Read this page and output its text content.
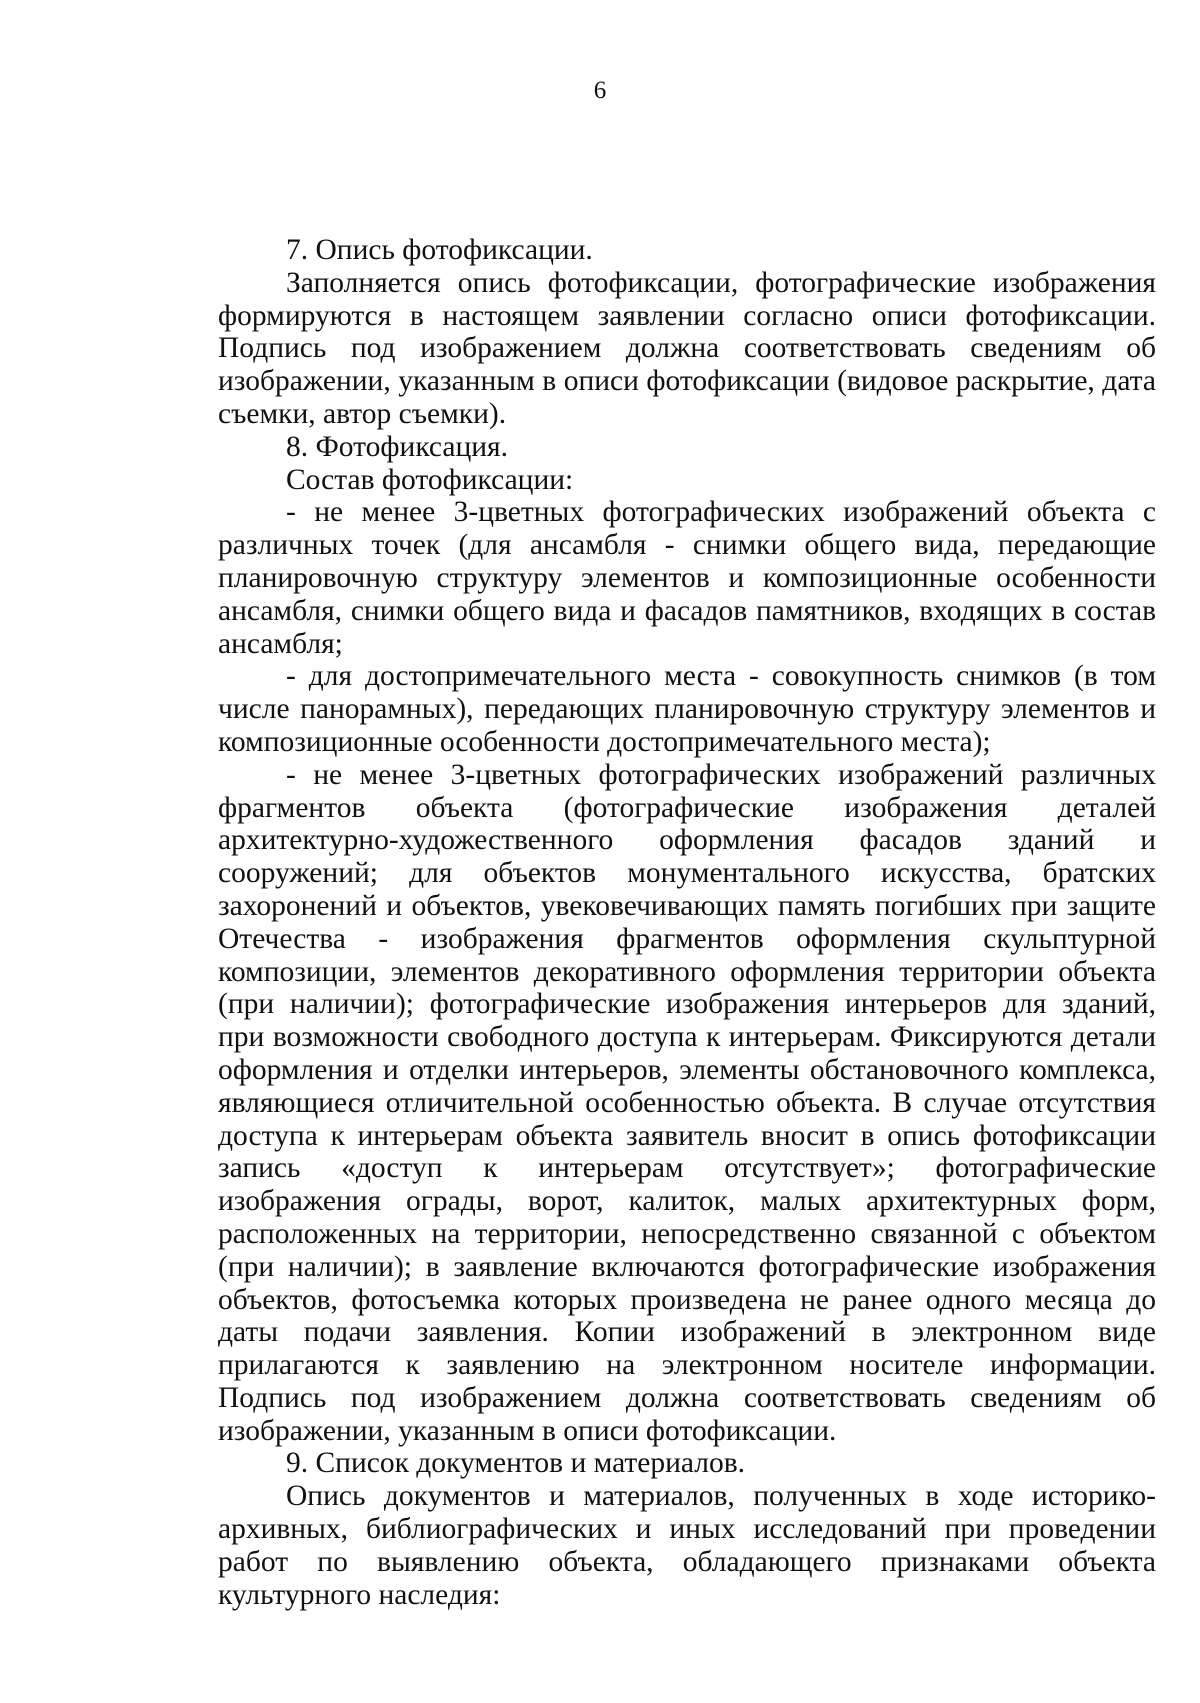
6

7. Опись фотофиксации.

Заполняется опись фотофиксации, фотографические изображения формируются в настоящем заявлении согласно описи фотофиксации. Подпись под изображением должна соответствовать сведениям об изображении, указанным в описи фотофиксации (видовое раскрытие, дата съемки, автор съемки).

8. Фотофиксация.

Состав фотофиксации:

- не менее 3-цветных фотографических изображений объекта с различных точек (для ансамбля - снимки общего вида, передающие планировочную структуру элементов и композиционные особенности ансамбля, снимки общего вида и фасадов памятников, входящих в состав ансамбля;

- для достопримечательного места - совокупность снимков (в том числе панорамных), передающих планировочную структуру элементов и композиционные особенности достопримечательного места);

- не менее 3-цветных фотографических изображений различных фрагментов объекта (фотографические изображения деталей архитектурно-художественного оформления фасадов зданий и сооружений; для объектов монументального искусства, братских захоронений и объектов, увековечивающих память погибших при защите Отечества - изображения фрагментов оформления скульптурной композиции, элементов декоративного оформления территории объекта (при наличии); фотографические изображения интерьеров для зданий, при возможности свободного доступа к интерьерам. Фиксируются детали оформления и отделки интерьеров, элементы обстановочного комплекса, являющиеся отличительной особенностью объекта. В случае отсутствия доступа к интерьерам объекта заявитель вносит в опись фотофиксации запись «доступ к интерьерам отсутствует»; фотографические изображения ограды, ворот, калиток, малых архитектурных форм, расположенных на территории, непосредственно связанной с объектом (при наличии); в заявление включаются фотографические изображения объектов, фотосъемка которых произведена не ранее одного месяца до даты подачи заявления. Копии изображений в электронном виде прилагаются к заявлению на электронном носителе информации. Подпись под изображением должна соответствовать сведениям об изображении, указанным в описи фотофиксации.

9. Список документов и материалов.

Опись документов и материалов, полученных в ходе историко-архивных, библиографических и иных исследований при проведении работ по выявлению объекта, обладающего признаками объекта культурного наследия:
